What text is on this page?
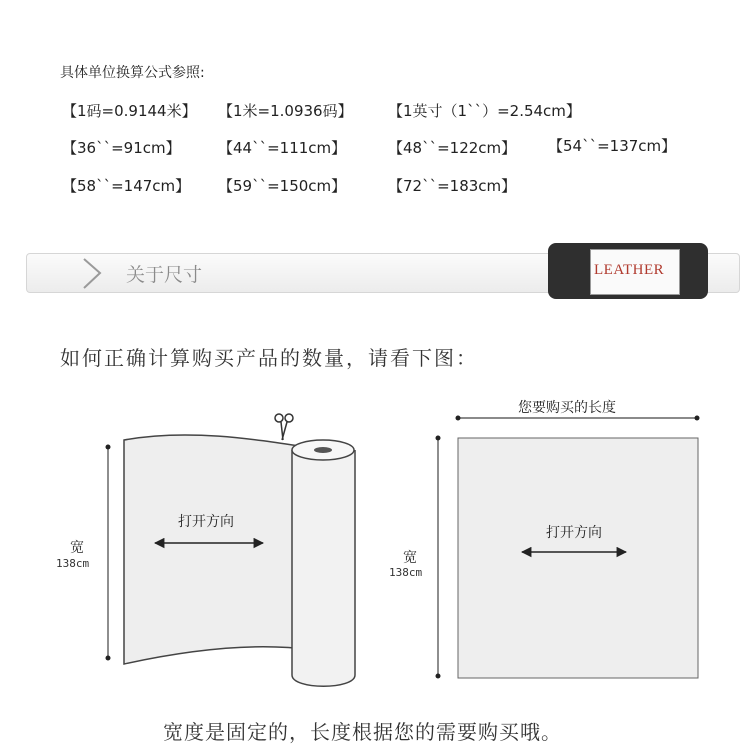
具体单位换算公式参照:
【1码=0.9144米】 【1米=1.0936码】 【1英寸（1``）=2.54cm】
【36``=91cm】 【44``=111cm】	【48``=122cm】 【54``=137cm】
【58``=147cm】 【59``=150cm】	【72``=183cm】
关于尺寸	LEATHER
如何正确计算购买产品的数量，请看下图：
打开方向
宽
138cm
您要购买的长度
打开方向
宽
138cm
宽度是固定的，长度根据您的需要购买哦。
